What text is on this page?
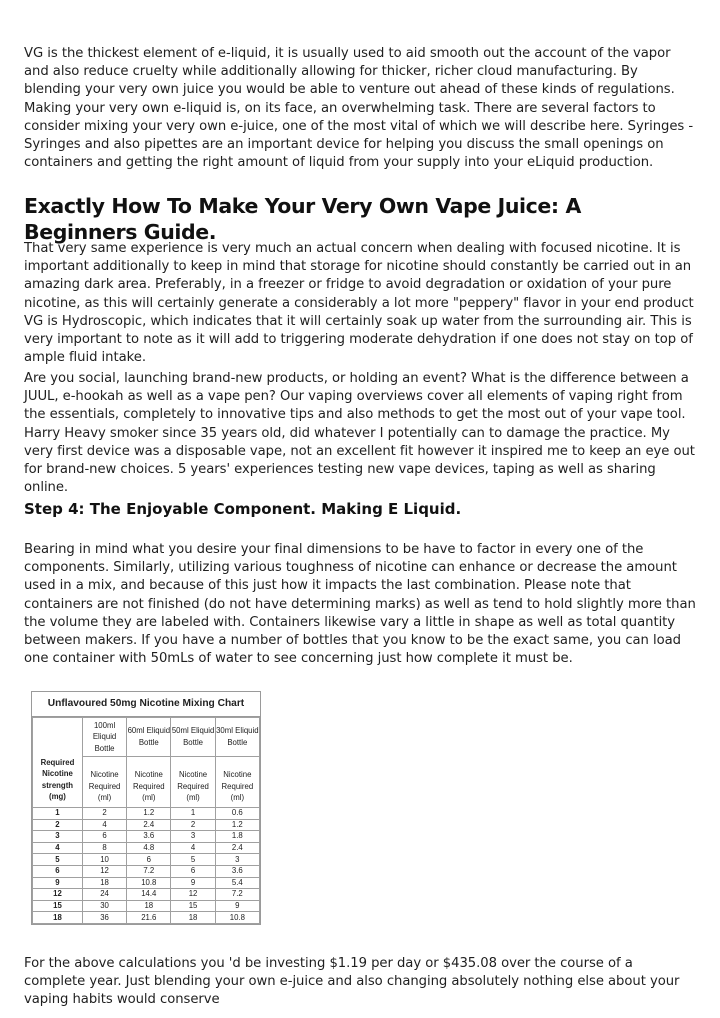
VG is the thickest element of e-liquid, it is usually used to aid smooth out the account of the vapor and also reduce cruelty while additionally allowing for thicker, richer cloud manufacturing. By blending your very own juice you would be able to venture out ahead of these kinds of regulations. Making your very own e-liquid is, on its face, an overwhelming task. There are several factors to consider mixing your very own e-juice, one of the most vital of which we will describe here. Syringes - Syringes and also pipettes are an important device for helping you discuss the small openings on containers and getting the right amount of liquid from your supply into your eLiquid production.

Exactly How To Make Your Very Own Vape Juice: A Beginners Guide.

That very same experience is very much an actual concern when dealing with focused nicotine. It is important additionally to keep in mind that storage for nicotine should constantly be carried out in an amazing dark area. Preferably, in a freezer or fridge to avoid degradation or oxidation of your pure nicotine, as this will certainly generate a considerably a lot more "peppery" flavor in your end product VG is Hydroscopic, which indicates that it will certainly soak up water from the surrounding air. This is very important to note as it will add to triggering moderate dehydration if one does not stay on top of ample fluid intake.

Are you social, launching brand-new products, or holding an event? What is the difference between a JUUL, e-hookah as well as a vape pen? Our vaping overviews cover all elements of vaping right from the essentials, completely to innovative tips and also methods to get the most out of your vape tool. Harry Heavy smoker since 35 years old, did whatever I potentially can to damage the practice. My very first device was a disposable vape, not an excellent fit however it inspired me to keep an eye out for brand-new choices. 5 years' experiences testing new vape devices, taping as well as sharing online.

Step 4: The Enjoyable Component. Making E Liquid.

Bearing in mind what you desire your final dimensions to be have to factor in every one of the components. Similarly, utilizing various toughness of nicotine can enhance or decrease the amount used in a mix, and because of this just how it impacts the last combination. Please note that containers are not finished (do not have determining marks) as well as tend to hold slightly more than the volume they are labeled with. Containers likewise vary a little in shape as well as total quantity between makers. If you have a number of bottles that you know to be the exact same, you can load one container with 50mLs of water to see concerning just how complete it must be.

For the above calculations you 'd be investing $1.19 per day or $435.08 over the course of a complete year. Just blending your own e-juice and also changing absolutely nothing else about your vaping habits would conserve

Unflavoured 50mg Nicotine Mixing Chart
	100ml Eliquid Bottle	60ml Eliquid Bottle	50ml Eliquid Bottle	30ml Eliquid Bottle
Required Nicotine strength (mg)	Nicotine Required (ml)	Nicotine Required (ml)	Nicotine Required (ml)	Nicotine Required (ml)
1	2	1.2	1	0.6
2	4	2.4	2	1.2
3	6	3.6	3	1.8
4	8	4.8	4	2.4
5	10	6	5	3
6	12	7.2	6	3.6
9	18	10.8	9	5.4
12	24	14.4	12	7.2
15	30	18	15	9
18	36	21.6	18	10.8
